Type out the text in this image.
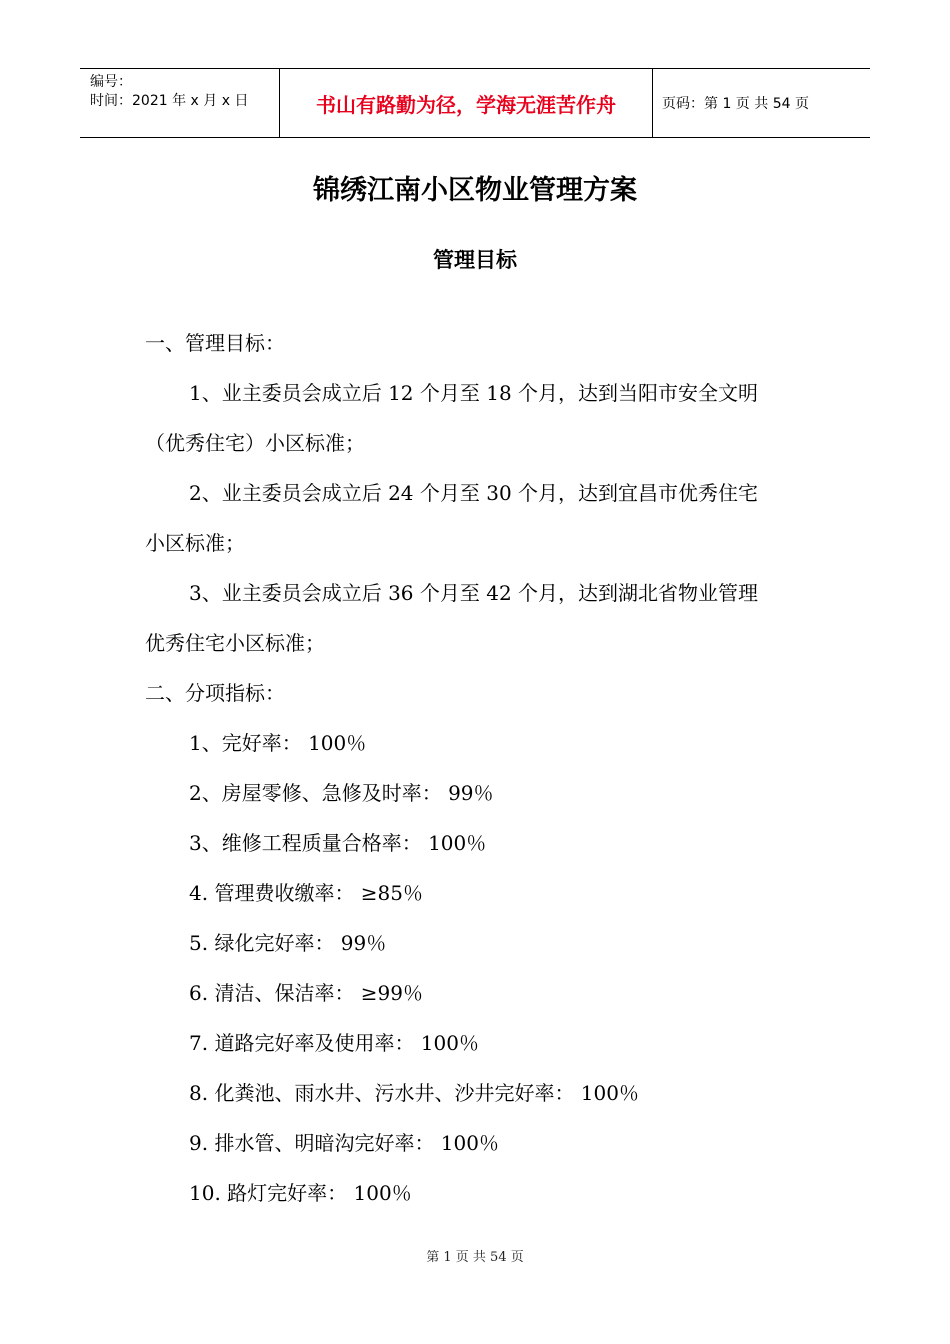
编号：
时间：2021 年 x 月 x 日	书山有路勤为径，学海无涯苦作舟	页码：第 1 页 共 54 页
锦绣江南小区物业管理方案
管理目标

一、管理目标：

1、业主委员会成立后 12 个月至 18 个月，达到当阳市安全文明

（优秀住宅）小区标准；

2、业主委员会成立后 24 个月至 30 个月，达到宜昌市优秀住宅

小区标准；

3、业主委员会成立后 36 个月至 42 个月，达到湖北省物业管理

优秀住宅小区标准；

二、分项指标：

1、完好率： 100％

2、房屋零修、急修及时率： 99％

3、维修工程质量合格率： 100％

4. 管理费收缴率： ≥85％

5. 绿化完好率： 99％

6. 清洁、保洁率： ≥99％

7. 道路完好率及使用率： 100％

8. 化粪池、雨水井、污水井、沙井完好率： 100％

9. 排水管、明暗沟完好率： 100％

10. 路灯完好率： 100％

第 1 页 共 54 页
